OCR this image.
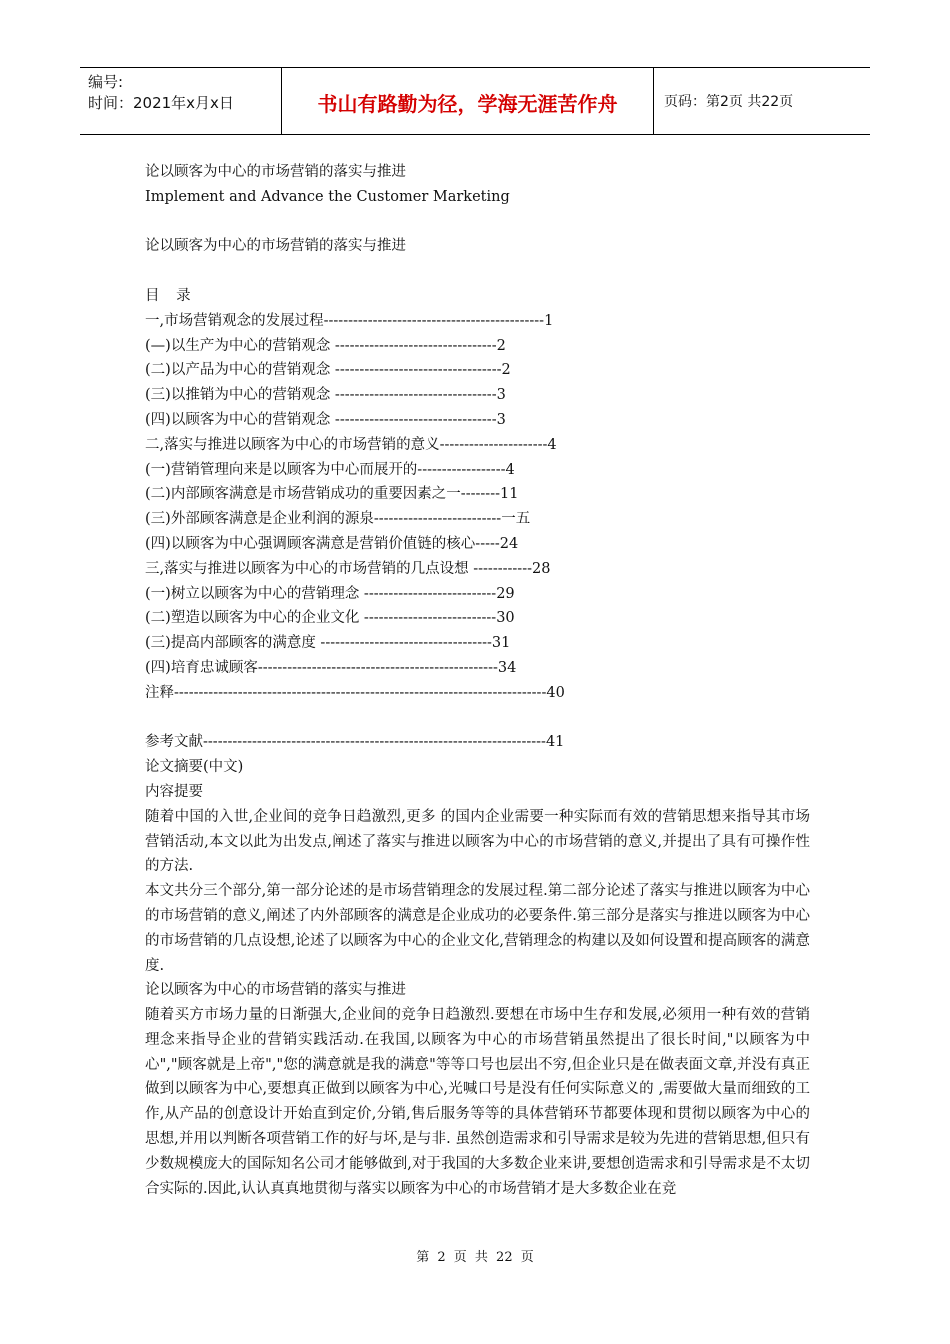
编号:
时间：2021年x月x日	书山有路勤为径，学海无涯苦作舟	页码：第2页 共22页
论以顾客为中心的市场营销的落实与推进
Implement and Advance the Customer Marketing
论以顾客为中心的市场营销的落实与推进
目 录
一,市场营销观念的发展过程---------------------------------------------1
(—)以生产为中心的营销观念 ---------------------------------2
(二)以产品为中心的营销观念 ----------------------------------2
(三)以推销为中心的营销观念 ---------------------------------3
(四)以顾客为中心的营销观念 ---------------------------------3
二,落实与推进以顾客为中心的市场营销的意义----------------------4
(一)营销管理向来是以顾客为中心而展开的------------------4
(二)内部顾客满意是市场营销成功的重要因素之一--------11
(三)外部顾客满意是企业利润的源泉--------------------------一五
(四)以顾客为中心强调顾客满意是营销价值链的核心-----24
三,落实与推进以顾客为中心的市场营销的几点设想 ------------28
(一)树立以顾客为中心的营销理念 ---------------------------29
(二)塑造以顾客为中心的企业文化 ---------------------------30
(三)提高内部顾客的满意度 -----------------------------------31
(四)培育忠诚顾客-------------------------------------------------34
注释----------------------------------------------------------------------------40
参考文献----------------------------------------------------------------------41
论文摘要(中文)
内容提要
随着中国的入世,企业间的竞争日趋激烈,更多 的国内企业需要一种实际而有效的营销思想来指导其市场营销活动,本文以此为出发点,阐述了落实与推进以顾客为中心的市场营销的意义,并提出了具有可操作性的方法.
本文共分三个部分,第一部分论述的是市场营销理念的发展过程.第二部分论述了落实与推进以顾客为中心的市场营销的意义,阐述了内外部顾客的满意是企业成功的必要条件.第三部分是落实与推进以顾客为中心的市场营销的几点设想,论述了以顾客为中心的企业文化,营销理念的构建以及如何设置和提高顾客的满意度.
论以顾客为中心的市场营销的落实与推进
随着买方市场力量的日渐强大,企业间的竞争日趋激烈.要想在市场中生存和发展,必须用一种有效的营销理念来指导企业的营销实践活动.在我国,以顾客为中心的市场营销虽然提出了很长时间,"以顾客为中心","顾客就是上帝","您的满意就是我的满意"等等口号也层出不穷,但企业只是在做表面文章,并没有真正做到以顾客为中心,要想真正做到以顾客为中心,光喊口号是没有任何实际意义的 ,需要做大量而细致的工作,从产品的创意设计开始直到定价,分销,售后服务等等的具体营销环节都要体现和贯彻以顾客为中心的思想,并用以判断各项营销工作的好与坏,是与非. 虽然创造需求和引导需求是较为先进的营销思想,但只有少数规模庞大的国际知名公司才能够做到,对于我国的大多数企业来讲,要想创造需求和引导需求是不太切合实际的.因此,认认真真地贯彻与落实以顾客为中心的市场营销才是大多数企业在竞
第 2 页 共 22 页
